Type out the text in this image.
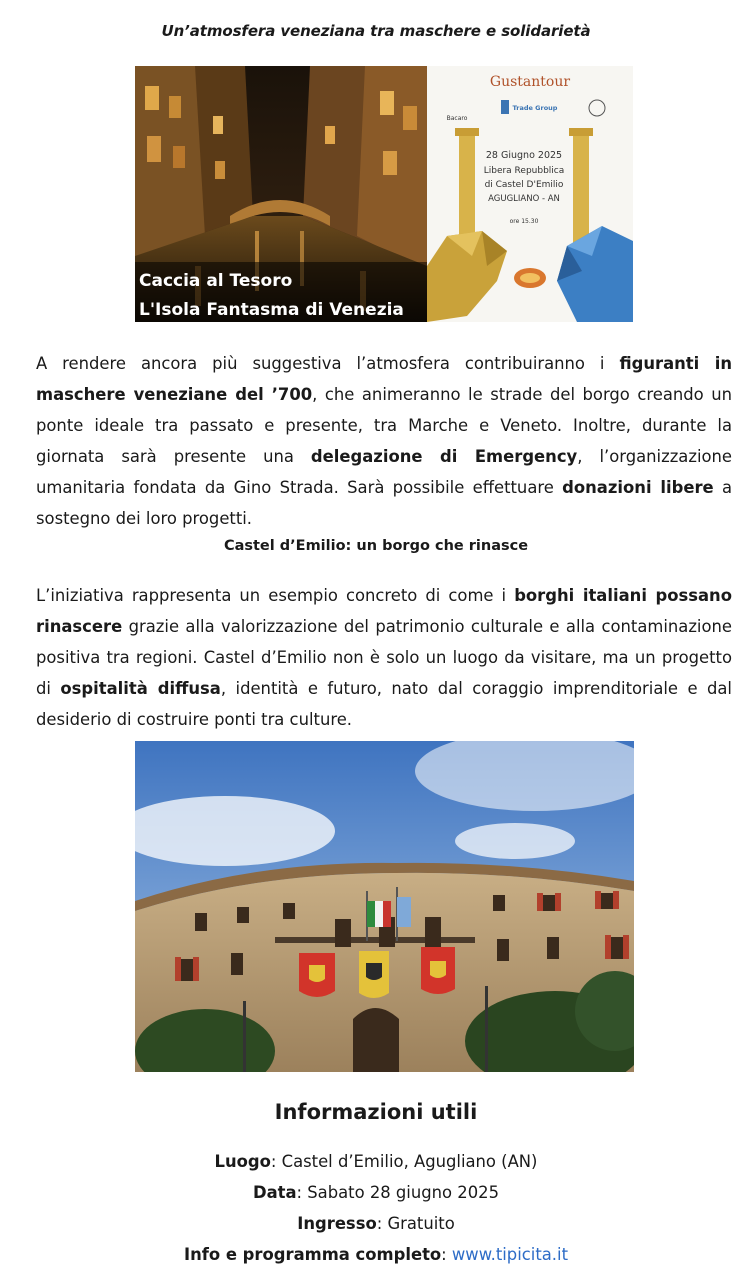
Un’atmosfera veneziana tra maschere e solidarietà
Caccia al Tesoro
L'Isola Fantasma di Venezia
Gustantour
Bacaro
Trade Group
28 Giugno 2025
Libera Repubblica
di Castel D'Emilio
AGUGLIANO - AN
ore 15.30

A rendere ancora più suggestiva l’atmosfera contribuiranno i figuranti in maschere veneziane del ’700, che animeranno le strade del borgo creando un ponte ideale tra passato e presente, tra Marche e Veneto. Inoltre, durante la giornata sarà presente una delegazione di Emergency, l’organizzazione umanitaria fondata da Gino Strada. Sarà possibile effettuare donazioni libere a sostegno dei loro progetti.

Castel d’Emilio: un borgo che rinasce

L’iniziativa rappresenta un esempio concreto di come i borghi italiani possano rinascere grazie alla valorizzazione del patrimonio culturale e alla contaminazione positiva tra regioni. Castel d’Emilio non è solo un luogo da visitare, ma un progetto di ospitalità diffusa, identità e futuro, nato dal coraggio imprenditoriale e dal desiderio di costruire ponti tra culture.

Informazioni utili
Luogo: Castel d’Emilio, Agugliano (AN)
Data: Sabato 28 giugno 2025
Ingresso: Gratuito
Info e programma completo: www.tipicita.it
